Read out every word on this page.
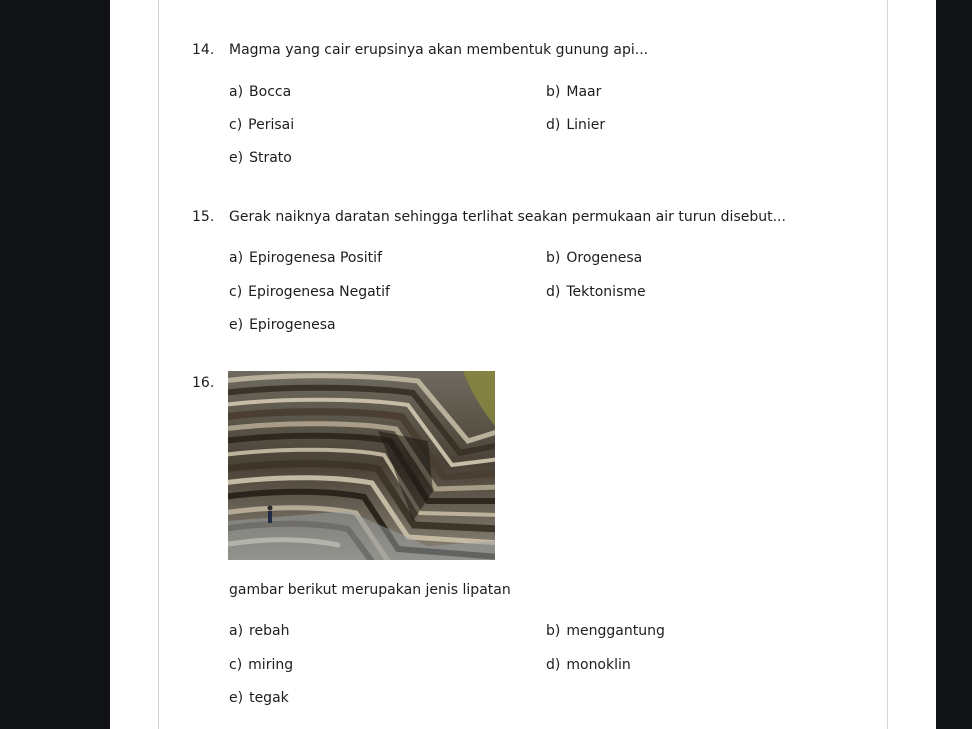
14. Magma yang cair erupsinya akan membentuk gunung api...
a) Bocca	b) Maar
c) Perisai	d) Linier
e) Strato
15. Gerak naiknya daratan sehingga terlihat seakan permukaan air turun disebut...
a) Epirogenesa Positif	b) Orogenesa
c) Epirogenesa Negatif	d) Tektonisme
e) Epirogenesa
16.
gambar berikut merupakan jenis lipatan
a) rebah	b) menggantung
c) miring	d) monoklin
e) tegak
